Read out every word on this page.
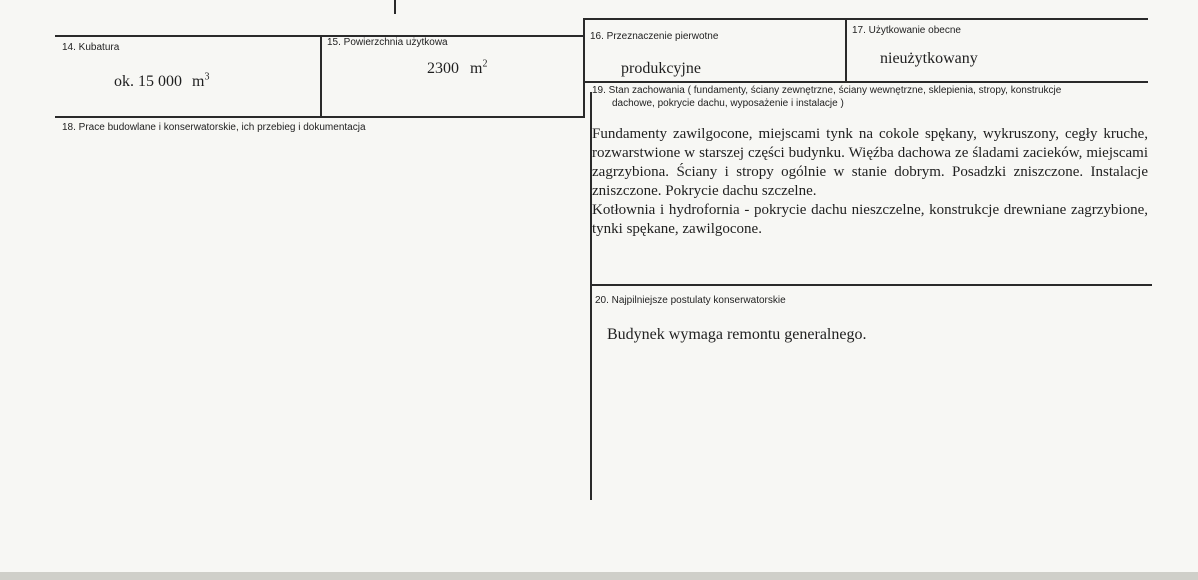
14. Kubatura
ok. 15 000 $m^3$
15. Powierzchnia użytkowa
2300 $m^2$
16. Przeznaczenie pierwotne
produkcyjne
17. Użytkowanie obecne
nieużytkowany
18. Prace budowlane i konserwatorskie, ich przebieg i dokumentacja
19. Stan zachowania ( fundamenty, ściany zewnętrzne, ściany wewnętrzne, sklepienia, stropy, konstrukcje
dachowe, pokrycie dachu, wyposażenie i instalacje )
Fundamenty zawilgocone, miejscami tynk na cokole spękany, wykruszony, cegły kruche, rozwarstwione w starszej części budynku. Więźba dachowa ze śladami zacieków, miejscami zagrzybiona. Ściany i stropy ogólnie w stanie dobrym. Posadzki zniszczone. Instalacje zniszczone. Pokrycie dachu szczelne.
Kotłownia i hydrofornia - pokrycie dachu nieszczelne, konstrukcje drewniane zagrzybione, tynki spękane, zawilgocone.
20. Najpilniejsze postulaty konserwatorskie
Budynek wymaga remontu generalnego.
